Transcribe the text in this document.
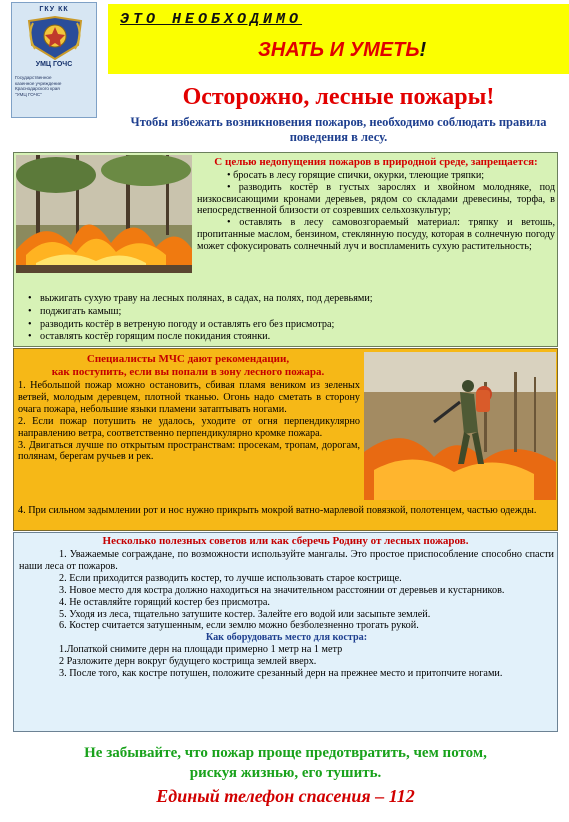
ГКУ КК
УМЦ ГОЧС
Государственное
казенное учреждение
Краснодарского края
"УМЦ ГОЧС"
ЭТО НЕОБХОДИМО
ЗНАТЬ И УМЕТЬ!
Осторожно, лесные пожары!
Чтобы избежать возникновения пожаров, необходимо соблюдать правила поведения в лесу.
С целью недопущения пожаров в природной среде, запрещается:

• бросать в лесу горящие спички, окурки, тлеющие тряпки;

• разводить костёр в густых зарослях и хвойном молодняке, под низкосвисающими кронами деревьев, рядом со складами древесины, торфа, в непосредственной близости от созревших сельхозкультур;

• оставлять в лесу самовозгораемый материал: тряпку и ветошь, пропитанные маслом, бензином, стеклянную посуду, которая в солнечную погоду может сфокусировать солнечный луч и воспламенить сухую растительность;

• выжигать сухую траву на лесных полянах, в садах, на полях, под деревьями;
• поджигать камыш;
• разводить костёр в ветреную погоду и оставлять его без присмотра;
• оставлять костёр горящим после покидания стоянки.
Специалисты МЧС дают рекомендации,
как поступить, если вы попали в зону лесного пожара.

1. Небольшой пожар можно остановить, сбивая пламя веником из зеленых ветвей, молодым деревцем, плотной тканью. Огонь надо сметать в сторону очага пожара, небольшие языки пламени затаптывать ногами.

2. Если пожар потушить не удалось, уходите от огня перпендикулярно направлению ветра, соответственно перпендикулярно кромке пожара.

3. Двигаться лучше по открытым пространствам: просекам, тропам, дорогам, полянам, берегам ручьев и рек.

4. При сильном задымлении рот и нос нужно прикрыть мокрой ватно-марлевой повязкой, полотенцем, частью одежды.
Несколько полезных советов или как сберечь Родину от лесных пожаров.

1. Уважаемые сограждане, по возможности используйте мангалы. Это простое приспособление способно спасти наши леса от пожаров.

2. Если приходится разводить костер, то лучше использовать старое кострище.

3. Новое место для костра должно находиться на значительном расстоянии от деревьев и кустарников.

4. Не оставляйте горящий костер без присмотра.

5. Уходя из леса, тщательно затушите костер. Залейте его водой или засыпьте землей.

6. Костер считается затушенным, если землю можно безболезненно трогать рукой.

Как оборудовать место для костра:

1.Лопаткой снимите дерн на площади примерно 1 метр на 1 метр

2 Разложите дерн вокруг будущего кострища землей вверх.

3. После того, как костре потушен, положите срезанный дерн на прежнее место и притопчите ногами.

Не забывайте, что пожар проще предотвратить, чем потом,
рискуя жизнью, его тушить.
Единый телефон спасения – 112
